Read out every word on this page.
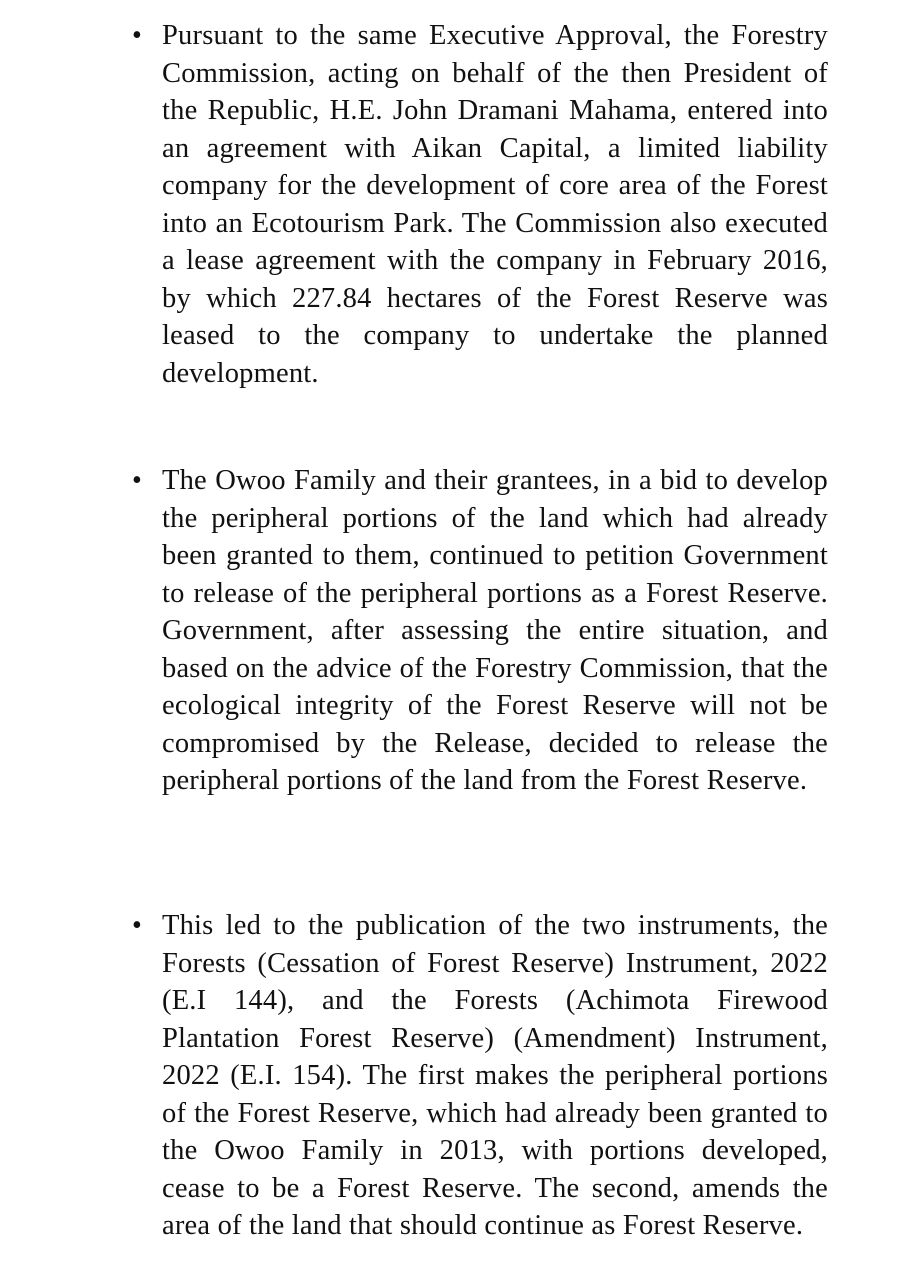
• Pursuant to the same Executive Approval, the Forestry Commission, acting on behalf of the then President of the Republic, H.E. John Dramani Mahama, entered into an agreement with Aikan Capital, a limited liability company for the development of core area of the Forest into an Ecotourism Park. The Commission also executed a lease agreement with the company in February 2016, by which 227.84 hectares of the Forest Reserve was leased to the company to undertake the planned development.

• The Owoo Family and their grantees, in a bid to develop the peripheral portions of the land which had already been granted to them, continued to petition Government to release of the peripheral portions as a Forest Reserve. Government, after assessing the entire situation, and based on the advice of the Forestry Commission, that the ecological integrity of the Forest Reserve will not be compromised by the Release, decided to release the peripheral portions of the land from the Forest Reserve.

• This led to the publication of the two instruments, the Forests (Cessation of Forest Reserve) Instrument, 2022 (E.I 144), and the Forests (Achimota Firewood Plantation Forest Reserve) (Amendment) Instrument, 2022 (E.I. 154). The first makes the peripheral portions of the Forest Reserve, which had already been granted to the Owoo Family in 2013, with portions developed, cease to be a Forest Reserve. The second, amends the area of the land that should continue as Forest Reserve.
